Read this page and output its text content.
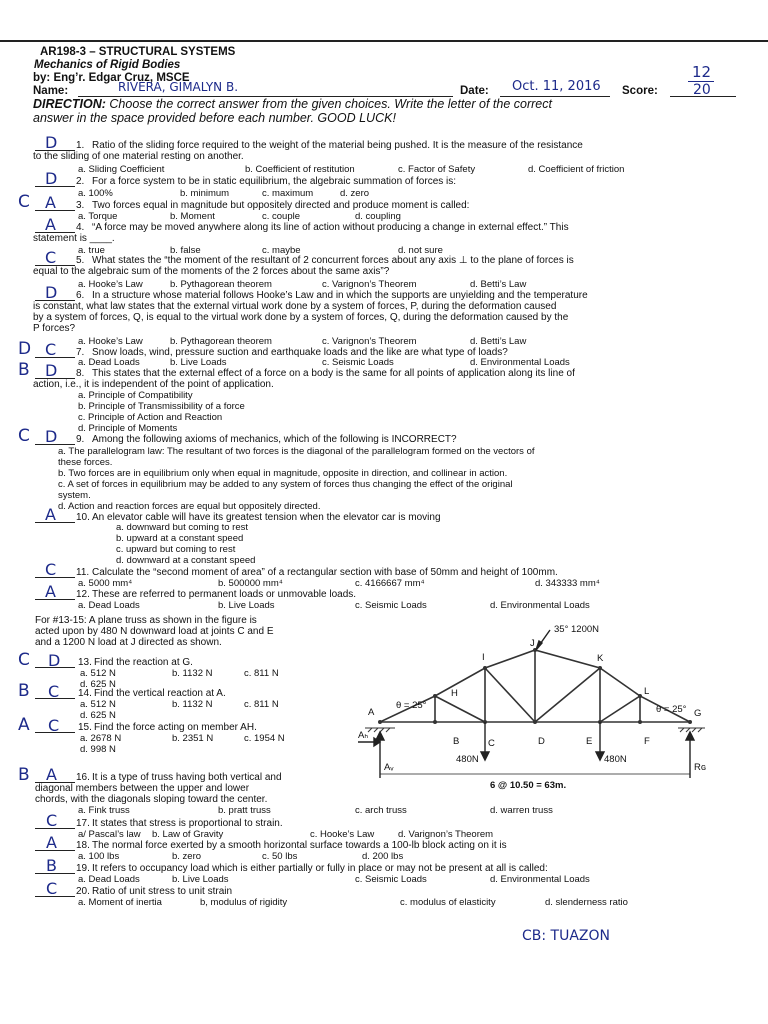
AR198-3 – STRUCTURAL SYSTEMS
Mechanics of Rigid Bodies
by: Eng’r. Edgar Cruz, MSCE
Name:	RIVERA, GIMALYN B.	Date: Oct. 11, 2016 Score:
12
20
DIRECTION: Choose the correct answer from the given choices. Write the letter of the correct
answer in the space provided before each number. GOOD LUCK!
D 1. Ratio of the sliding force required to the weight of the material being pushed. It is the measure of the resistance
to the sliding of one material resting on another.
a. Sliding Coefficient	b. Coefficient of restitution	c. Factor of Safety	d. Coefficient of friction
D 2. For a force system to be in static equilibrium, the algebraic summation of forces is:
a. 100%	b. minimum	c. maximum	d. zero
C A 3. Two forces equal in magnitude but oppositely directed and produce moment is called:
a. Torque	b. Moment	c. couple	d. coupling
A 4. “A force may be moved anywhere along its line of action without producing a change in external effect.” This
statement is ____.
a. true	b. false	c. maybe	d. not sure
C 5. What states the “the moment of the resultant of 2 concurrent forces about any axis ⊥ to the plane of forces is
equal to the algebraic sum of the moments of the 2 forces about the same axis”?
a. Hooke’s Law	b. Pythagorean theorem	c. Varignon’s Theorem	d. Betti’s Law
D 6. In a structure whose material follows Hooke’s Law and in which the supports are unyielding and the temperature
is constant, what law states that the external virtual work done by a system of forces, P, during the deformation caused
by a system of forces, Q, is equal to the virtual work done by a system of forces, Q, during the deformation caused by the
P forces?
a. Hooke’s Law	b. Pythagorean theorem	c. Varignon’s Theorem	d. Betti’s Law
D C 7. Snow loads, wind, pressure suction and earthquake loads and the like are what type of loads?
a. Dead Loads	b. Live Loads	c. Seismic Loads	d. Environmental Loads
B D 8. This states that the external effect of a force on a body is the same for all points of application along its line of
action, i.e., it is independent of the point of application.
a. Principle of Compatibility
b. Principle of Transmissibility of a force
c. Principle of Action and Reaction
d. Principle of Moments
C D 9. Among the following axioms of mechanics, which of the following is INCORRECT?
a. The parallelogram law: The resultant of two forces is the diagonal of the parallelogram formed on the vectors of
these forces.
b. Two forces are in equilibrium only when equal in magnitude, opposite in direction, and collinear in action.
c. A set of forces in equilibrium may be added to any system of forces thus changing the effect of the original
system.
d. Action and reaction forces are equal but oppositely directed.
A 10. An elevator cable will have its greatest tension when the elevator car is moving
a. downward but coming to rest
b. upward at a constant speed
c. upward but coming to rest
d. downward at a constant speed
C 11. Calculate the “second moment of area” of a rectangular section with base of 50mm and height of 100mm.
a. 5000 mm⁴	b. 500000 mm⁴	c. 4166667 mm⁴	d. 343333 mm⁴
A 12. These are referred to permanent loads or unmovable loads.
a. Dead Loads	b. Live Loads	c. Seismic Loads	d. Environmental Loads
For #13-15: A plane truss as shown in the figure is
acted upon by 480 N downward load at joints C and E
and a 1200 N load at J directed as shown.
C D 13. Find the reaction at G.
a. 512 N	b. 1132 N	c. 811 N
d. 625 N
B C 14. Find the vertical reaction at A.
a. 512 N	b. 1132 N	c. 811 N
d. 625 N
A C 15. Find the force acting on member AH.
a. 2678 N	b. 2351 N	c. 1954 N
d. 998 N
35° 1200N
A
B	C	D	E	F
G
H
I
J
K
L
θ = 25°	θ = 25°
480N	480N
Aₕ
Aᵥ	Rɢ
6 @ 10.50 = 63m.
B A 16. It is a type of truss having both vertical and
diagonal members between the upper and lower
chords, with the diagonals sloping toward the center.
a. Fink truss	b. pratt truss	c. arch truss	d. warren truss
C 17. It states that stress is proportional to strain.
a/ Pascal’s law b. Law of Gravity	c. Hooke’s Law	d. Varignon’s Theorem
A 18. The normal force exerted by a smooth horizontal surface towards a 100-lb block acting on it is
a. 100 lbs	b. zero	c. 50 lbs	d. 200 lbs
B 19. It refers to occupancy load which is either partially or fully in place or may not be present at all is called:
a. Dead Loads	b. Live Loads	c. Seismic Loads	d. Environmental Loads
C 20. Ratio of unit stress to unit strain
a. Moment of inertia	b, modulus of rigidity	c. modulus of elasticity	d. slenderness ratio
CB: TUAZON
